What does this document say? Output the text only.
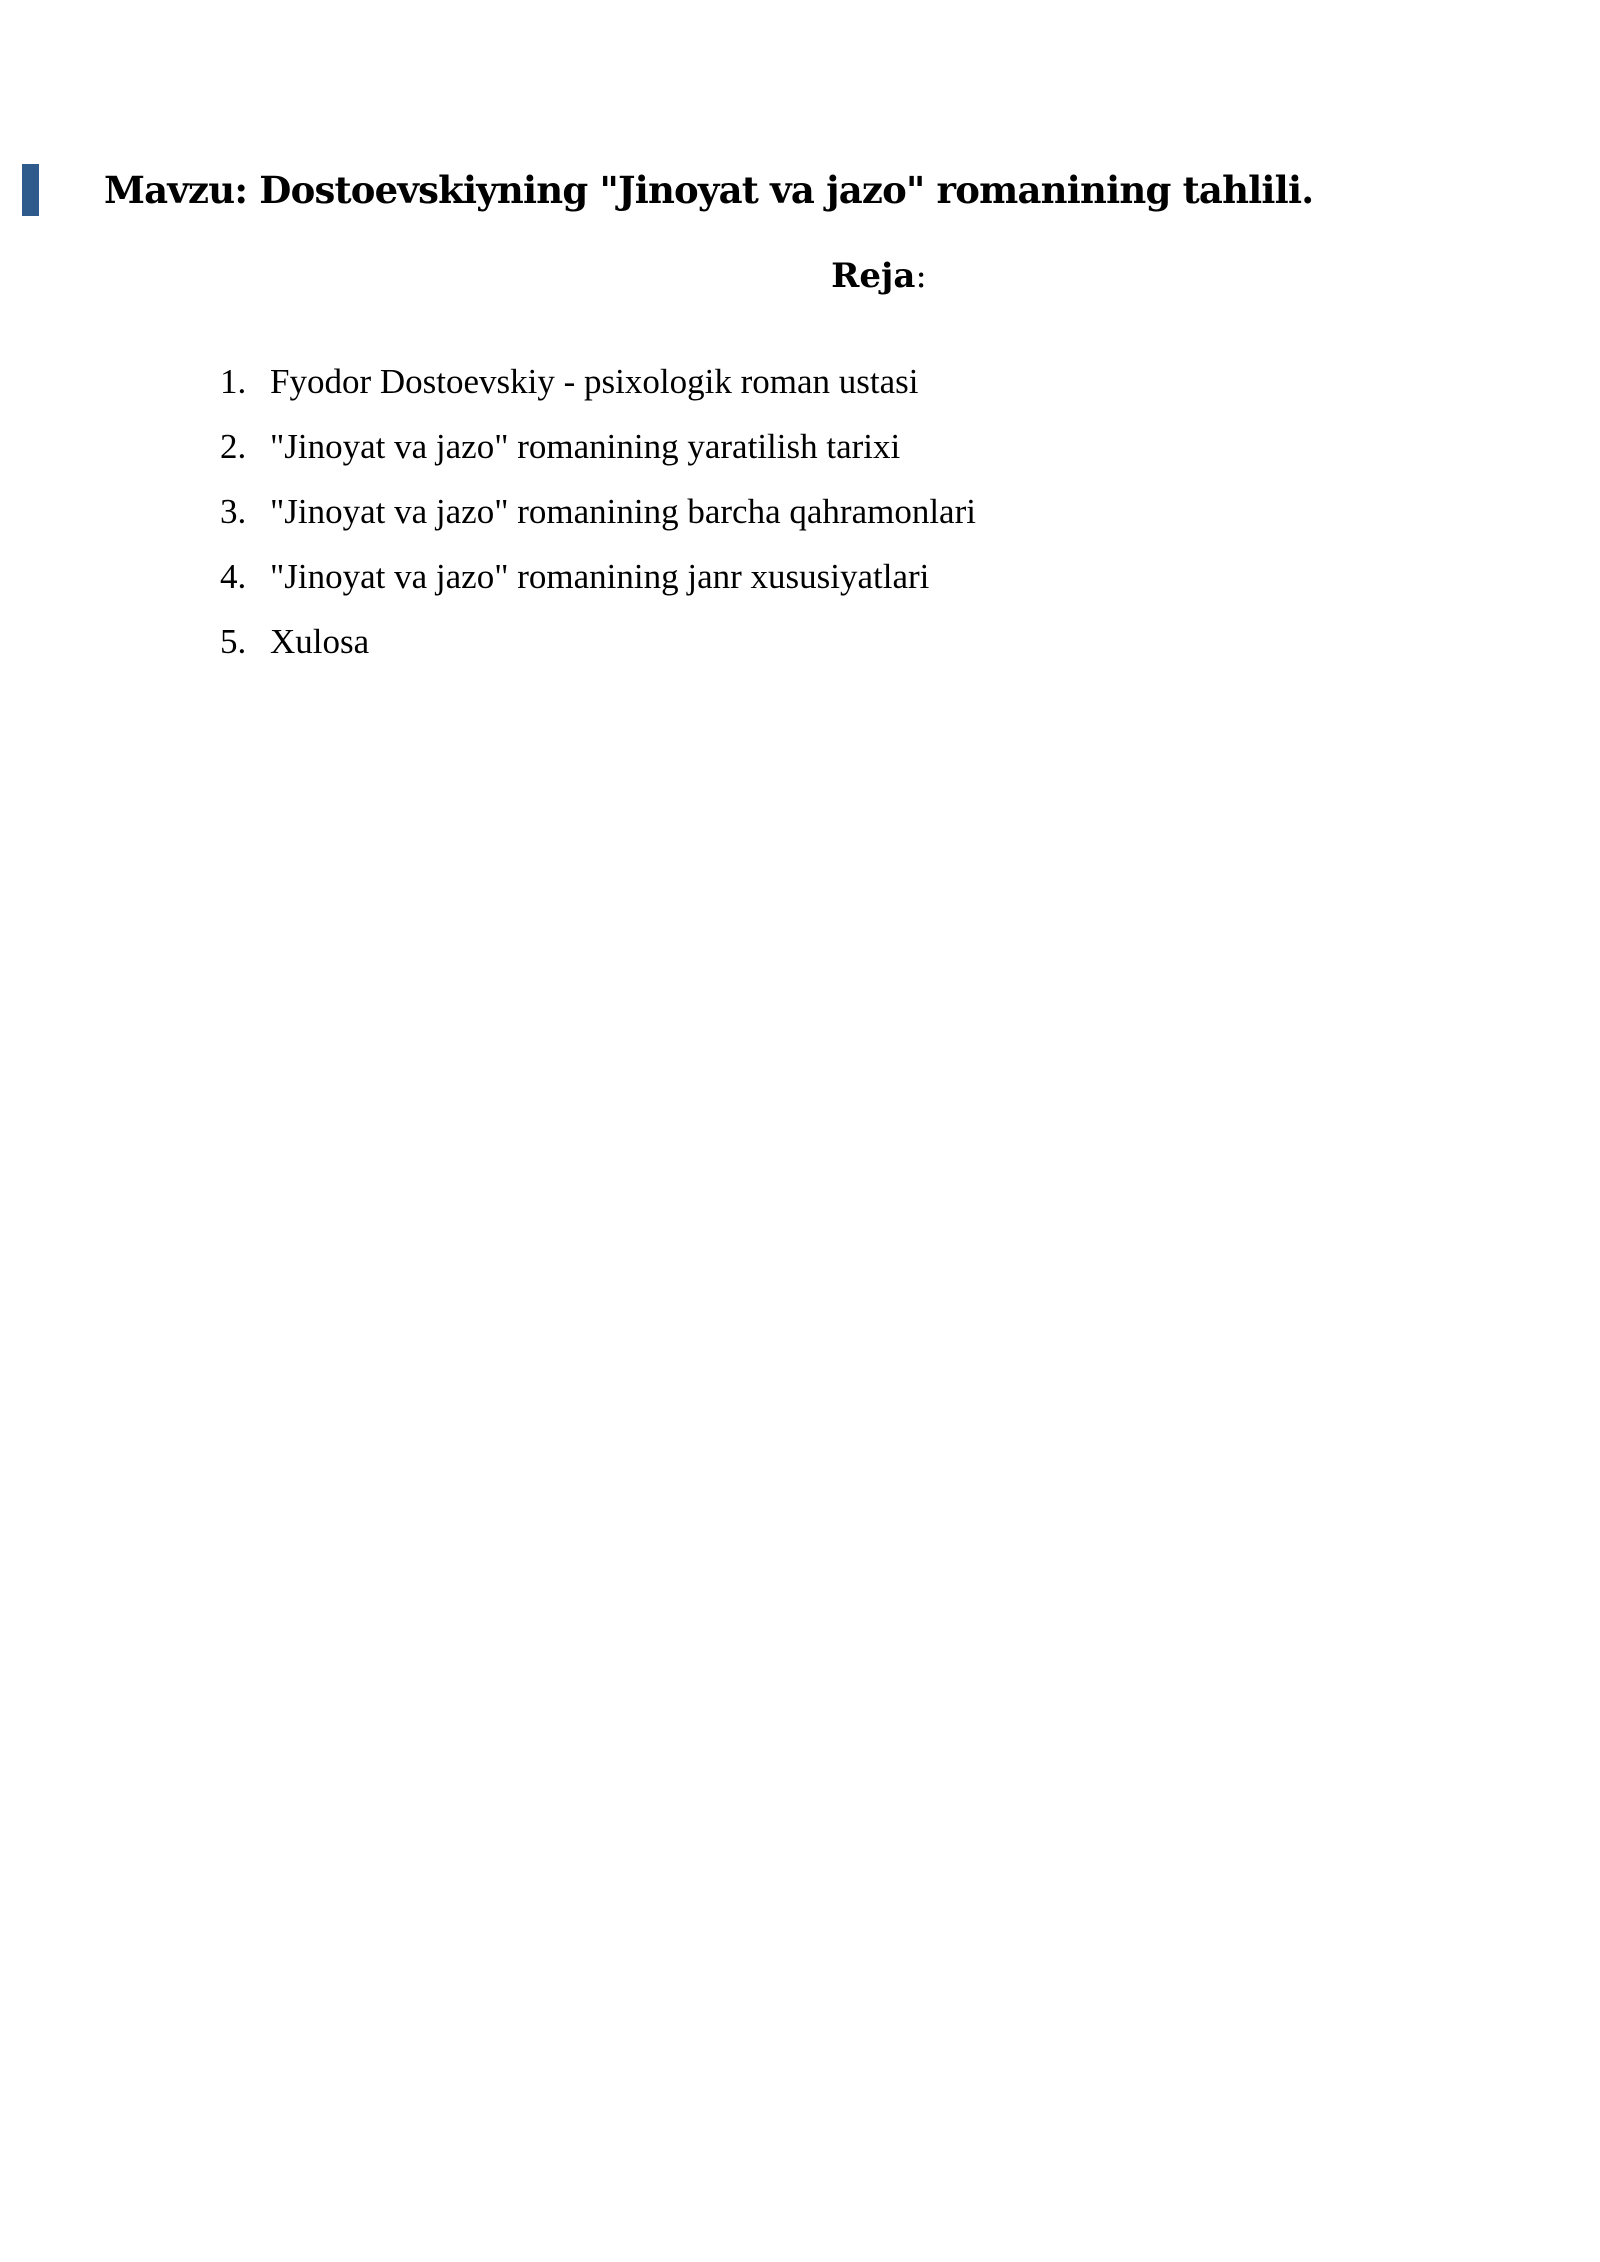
Mavzu: Dostoevskiyning "Jinoyat va jazo" romanining tahlili.
Reja:
1. Fyodor Dostoevskiy - psixologik roman ustasi
2. "Jinoyat va jazo" romanining yaratilish tarixi
3. "Jinoyat va jazo" romanining barcha qahramonlari
4. "Jinoyat va jazo" romanining janr xususiyatlari
5. Xulosa
